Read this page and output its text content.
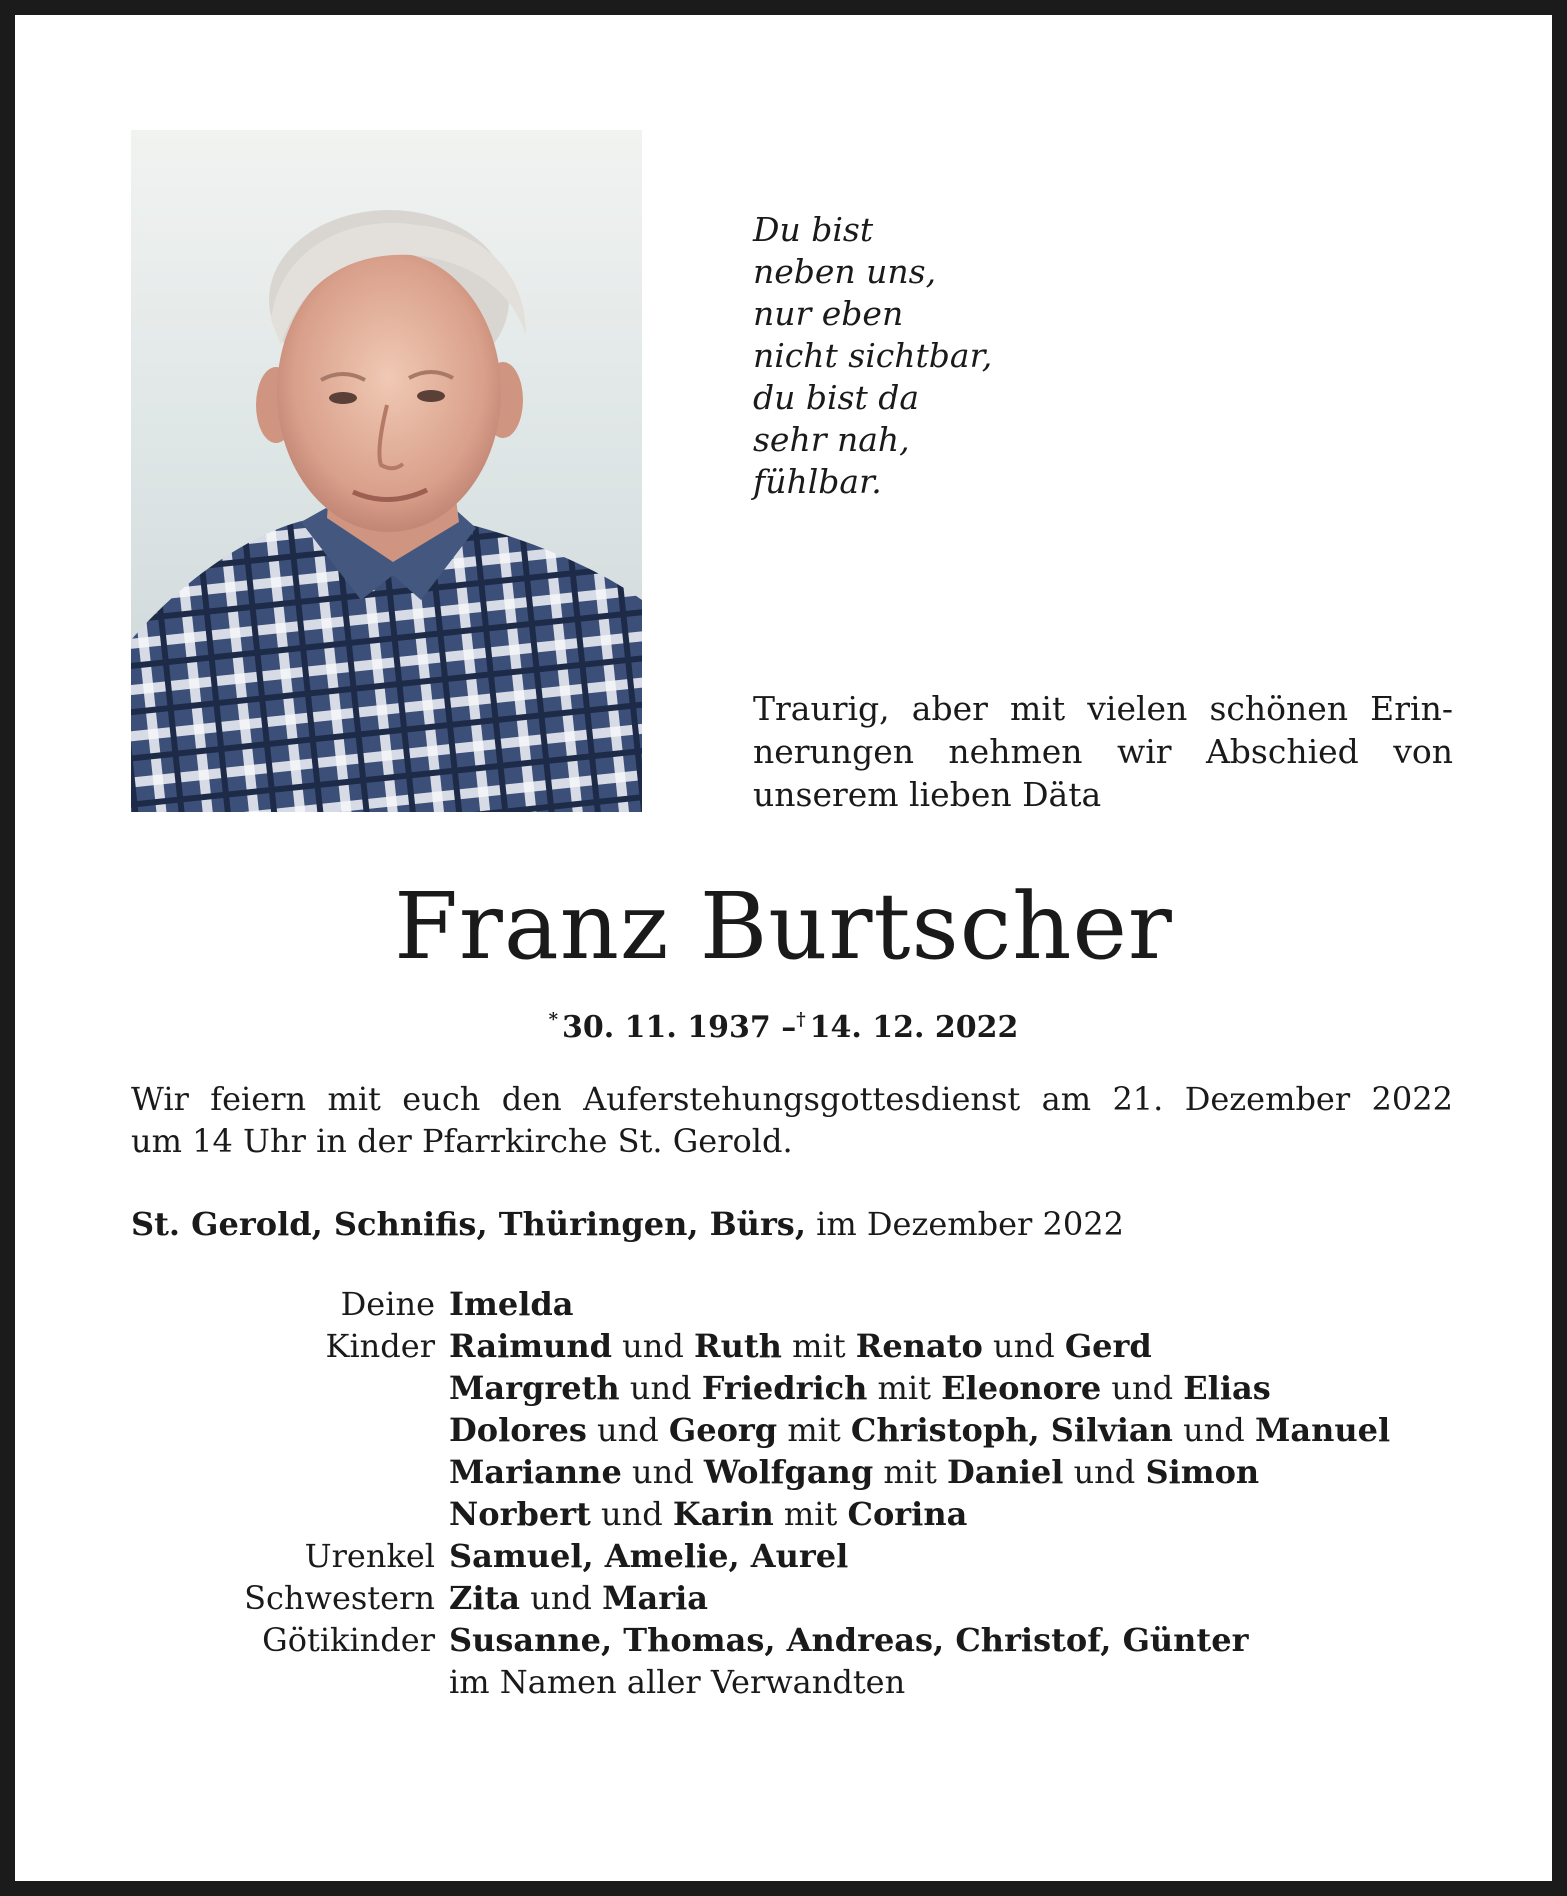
Du bist
neben uns,
nur eben
nicht sichtbar,
du bist da
sehr nah,
fühlbar.
Traurig, aber mit vielen schönen Erin-
nerungen nehmen wir Abschied von
unserem lieben Däta
Franz Burtscher
* 30. 11. 1937 –† 14. 12. 2022
Wir feiern mit euch den Auferstehungsgottesdienst am 21. Dezember 2022
um 14 Uhr in der Pfarrkirche St. Gerold.
St. Gerold, Schnifis, Thüringen, Bürs, im Dezember 2022
Deine Imelda
Kinder Raimund und Ruth mit Renato und Gerd
Margreth und Friedrich mit Eleonore und Elias
Dolores und Georg mit Christoph, Silvian und Manuel
Marianne und Wolfgang mit Daniel und Simon
Norbert und Karin mit Corina
Urenkel Samuel, Amelie, Aurel
Schwestern Zita und Maria
Götikinder Susanne, Thomas, Andreas, Christof, Günter
im Namen aller Verwandten
